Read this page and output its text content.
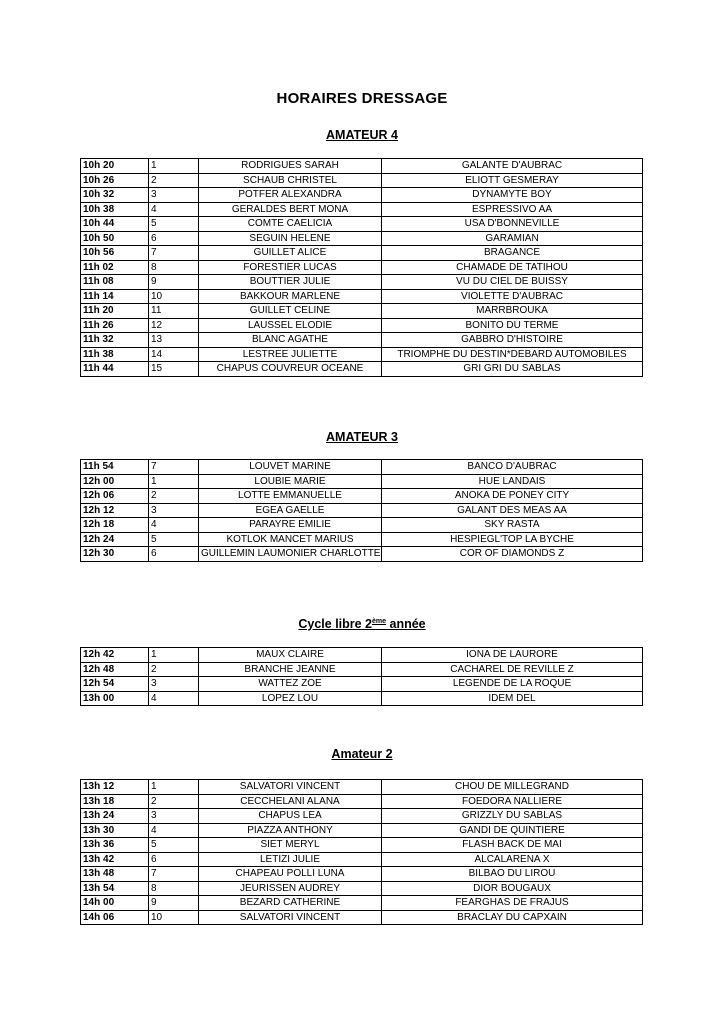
HORAIRES DRESSAGE
AMATEUR 4
10h 20	1	RODRIGUES SARAH	GALANTE D'AUBRAC
10h 26	2	SCHAUB CHRISTEL	ELIOTT GESMERAY
10h 32	3	POTFER ALEXANDRA	DYNAMYTE BOY
10h 38	4	GERALDES BERT MONA	ESPRESSIVO AA
10h 44	5	COMTE CAELICIA	USA D'BONNEVILLE
10h 50	6	SEGUIN HELENE	GARAMIAN
10h 56	7	GUILLET ALICE	BRAGANCE
11h 02	8	FORESTIER LUCAS	CHAMADE DE TATIHOU
11h 08	9	BOUTTIER JULIE	VU DU CIEL DE BUISSY
11h 14	10	BAKKOUR MARLENE	VIOLETTE D'AUBRAC
11h 20	11	GUILLET CELINE	MARRBROUKA
11h 26	12	LAUSSEL ELODIE	BONITO DU TERME
11h 32	13	BLANC AGATHE	GABBRO D'HISTOIRE
11h 38	14	LESTREE JULIETTE	TRIOMPHE DU DESTIN*DEBARD AUTOMOBILES
11h 44	15	CHAPUS COUVREUR OCEANE	GRI GRI DU SABLAS
AMATEUR 3
11h 54	7	LOUVET MARINE	BANCO D'AUBRAC
12h 00	1	LOUBIE MARIE	HUE LANDAIS
12h 06	2	LOTTE EMMANUELLE	ANOKA DE PONEY CITY
12h 12	3	EGEA GAELLE	GALANT DES MEAS AA
12h 18	4	PARAYRE EMILIE	SKY RASTA
12h 24	5	KOTLOK MANCET MARIUS	HESPIEGL'TOP LA BYCHE
12h 30	6	GUILLEMIN LAUMONIER CHARLOTTE	COR OF DIAMONDS Z
Cycle libre 2ème année
12h 42	1	MAUX CLAIRE	IONA DE LAURORE
12h 48	2	BRANCHE JEANNE	CACHAREL DE REVILLE Z
12h 54	3	WATTEZ ZOE	LEGENDE DE LA ROQUE
13h 00	4	LOPEZ LOU	IDEM DEL
Amateur 2
13h 12	1	SALVATORI VINCENT	CHOU DE MILLEGRAND
13h 18	2	CECCHELANI ALANA	FOEDORA NALLIERE
13h 24	3	CHAPUS LEA	GRIZZLY DU SABLAS
13h 30	4	PIAZZA ANTHONY	GANDI DE QUINTIERE
13h 36	5	SIET MERYL	FLASH BACK DE MAI
13h 42	6	LETIZI JULIE	ALCALARENA X
13h 48	7	CHAPEAU POLLI LUNA	BILBAO DU LIROU
13h 54	8	JEURISSEN AUDREY	DIOR BOUGAUX
14h 00	9	BEZARD CATHERINE	FEARGHAS DE FRAJUS
14h 06	10	SALVATORI VINCENT	BRACLAY DU CAPXAIN
